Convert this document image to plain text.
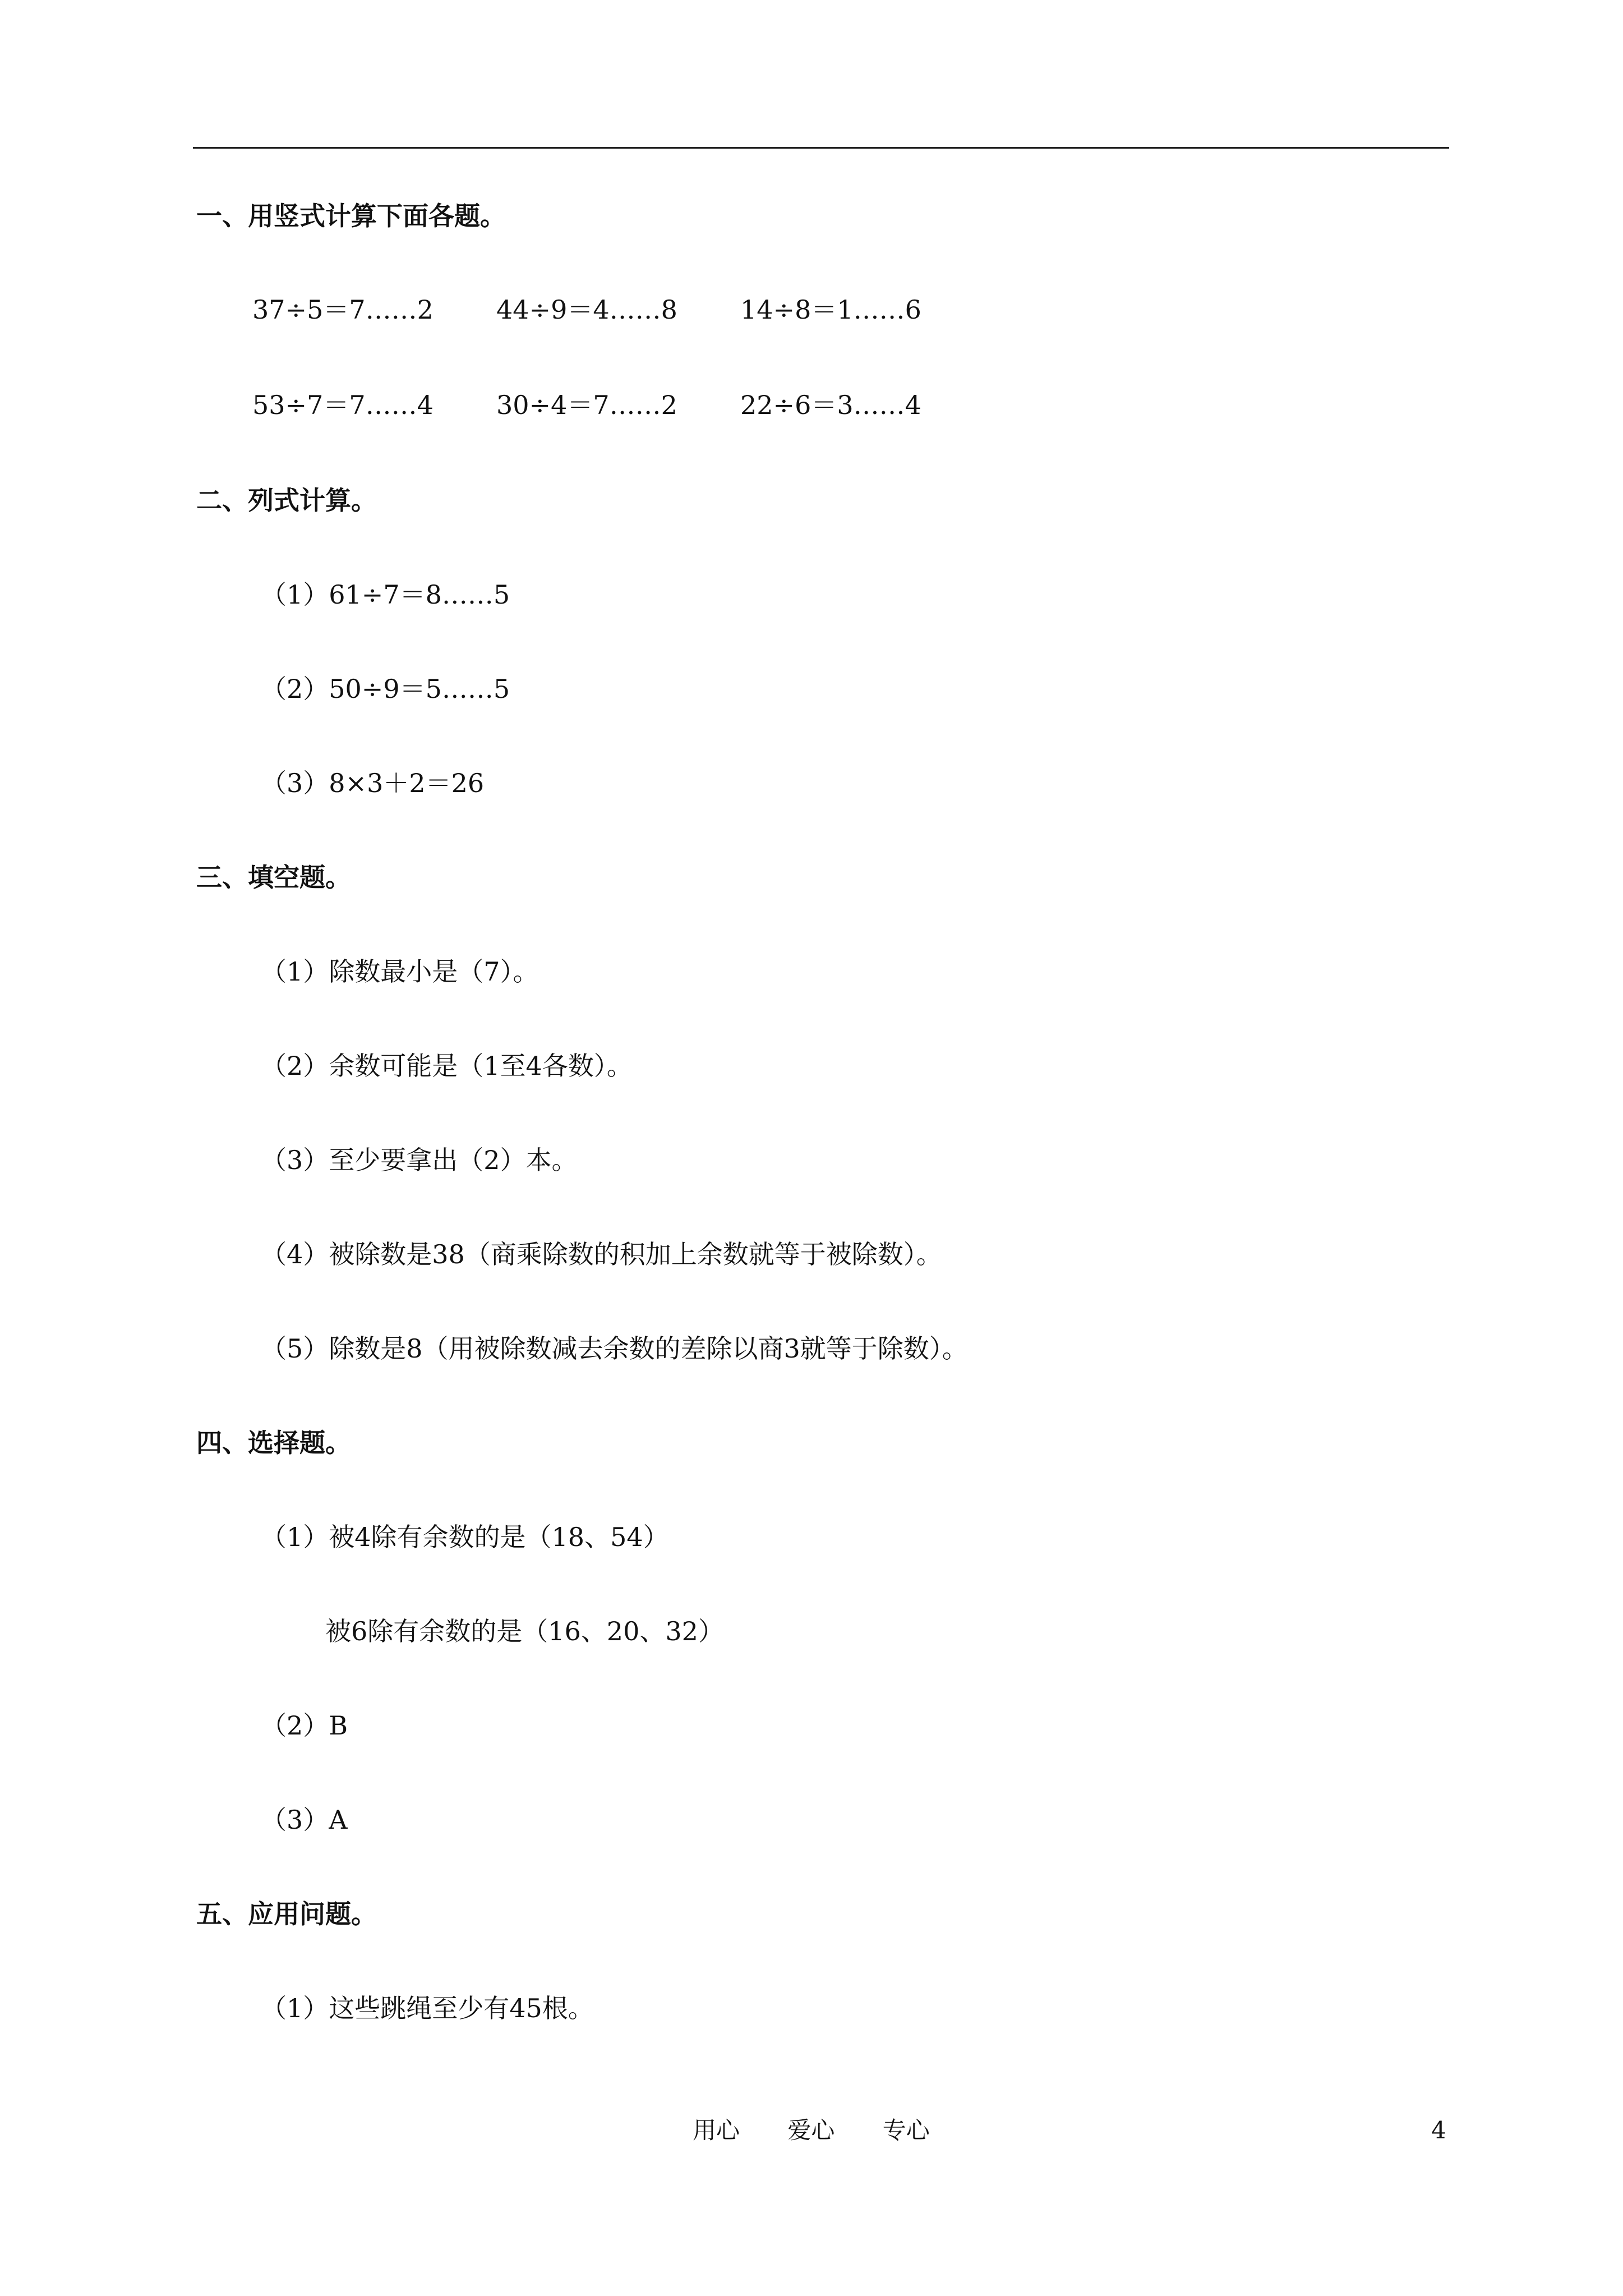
一、用竖式计算下面各题。
37÷5＝7……2 44÷9＝4……8 14÷8＝1……6
53÷7＝7……4 30÷4＝7……2 22÷6＝3……4
二、列式计算。
（1）61÷7＝8……5
（2）50÷9＝5……5
（3）8×3＋2＝26
三、填空题。
（1）除数最小是（7）。
（2）余数可能是（1至4各数）。
（3）至少要拿出（2）本。
（4）被除数是38（商乘除数的积加上余数就等于被除数）。
（5）除数是8（用被除数减去余数的差除以商3就等于除数）。
四、选择题。
（1）被4除有余数的是（18、54）
被6除有余数的是（16、20、32）
（2）B
（3）A
五、应用问题。
（1）这些跳绳至少有45根。
用心 爱心 专心	4
